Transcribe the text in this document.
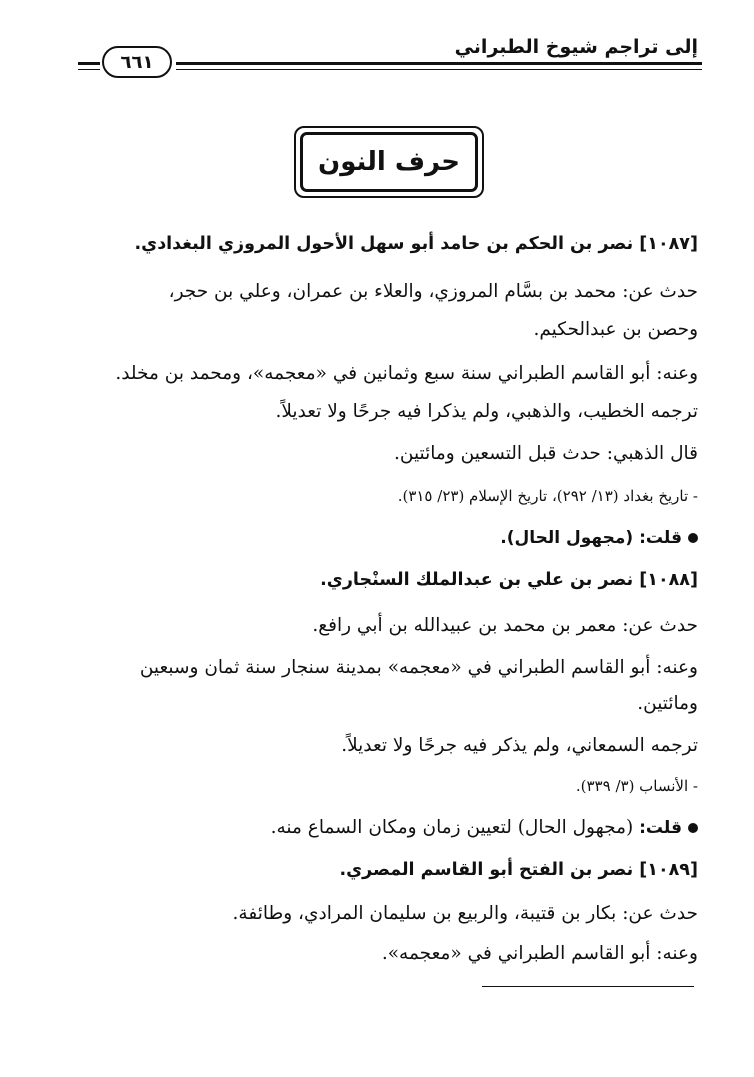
إلى تراجم شيوخ الطبراني
٦٦١
حرف النون
[١٠٨٧] نصر بن الحكم بن حامد أبو سهل الأحول المروزي البغدادي.
حدث عن: محمد بن بسَّام المروزي، والعلاء بن عمران، وعلي بن حجر،
وحصن بن عبدالحكيم.
وعنه: أبو القاسم الطبراني سنة سبع وثمانين في «معجمه»، ومحمد بن مخلد.
ترجمه الخطيب، والذهبي، ولم يذكرا فيه جرحًا ولا تعديلاً.
قال الذهبي: حدث قبل التسعين ومائتين.
- تاريخ بغداد (١٣/ ٢٩٢)، تاريخ الإسلام (٢٣/ ٣١٥).
قلت: (مجهول الحال).
[١٠٨٨] نصر بن علي بن عبدالملك السنْجاري.
حدث عن: معمر بن محمد بن عبيدالله بن أبي رافع.
وعنه: أبو القاسم الطبراني في «معجمه» بمدينة سنجار سنة ثمان وسبعين
ومائتين.
ترجمه السمعاني، ولم يذكر فيه جرحًا ولا تعديلاً.
- الأنساب (٣/ ٣٣٩).
قلت: (مجهول الحال) لتعيين زمان ومكان السماع منه.
[١٠٨٩] نصر بن الفتح أبو القاسم المصري.
حدث عن: بكار بن قتيبة، والربيع بن سليمان المرادي، وطائفة.
وعنه: أبو القاسم الطبراني في «معجمه».
